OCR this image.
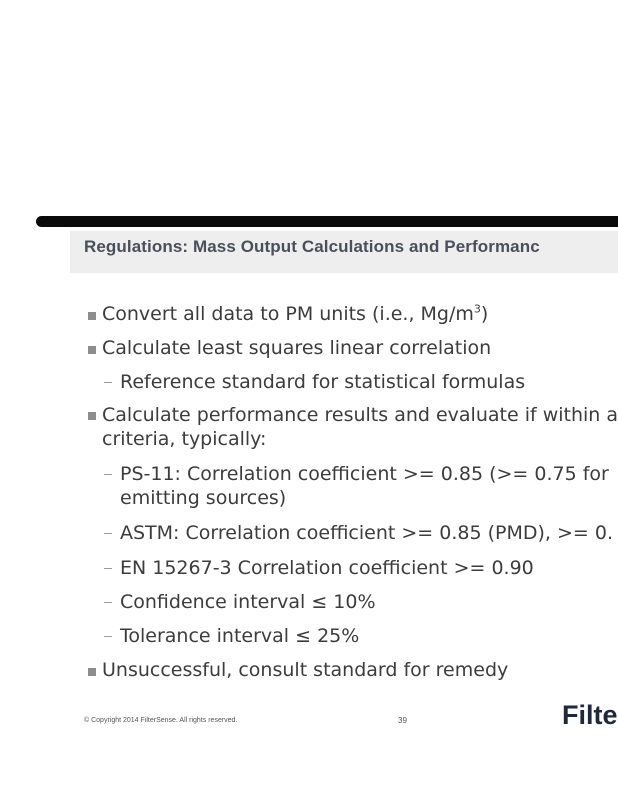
Regulations: Mass Output Calculations and Performanc
Convert all data to PM units (i.e., $Mg/m^3$)
Calculate least squares linear correlation
Reference standard for statistical formulas
Calculate performance results and evaluate if within a
criteria, typically:
PS-11: Correlation coefficient >= 0.85 (>= 0.75 for
emitting sources)
ASTM: Correlation coefficient >= 0.85 (PMD), >= 0.
EN 15267-3 Correlation coefficient >= 0.90
Confidence interval ≤ 10%
Tolerance interval ≤ 25%
Unsuccessful, consult standard for remedy
© Copyright 2014 FilterSense. All rights reserved.	39	Filte
